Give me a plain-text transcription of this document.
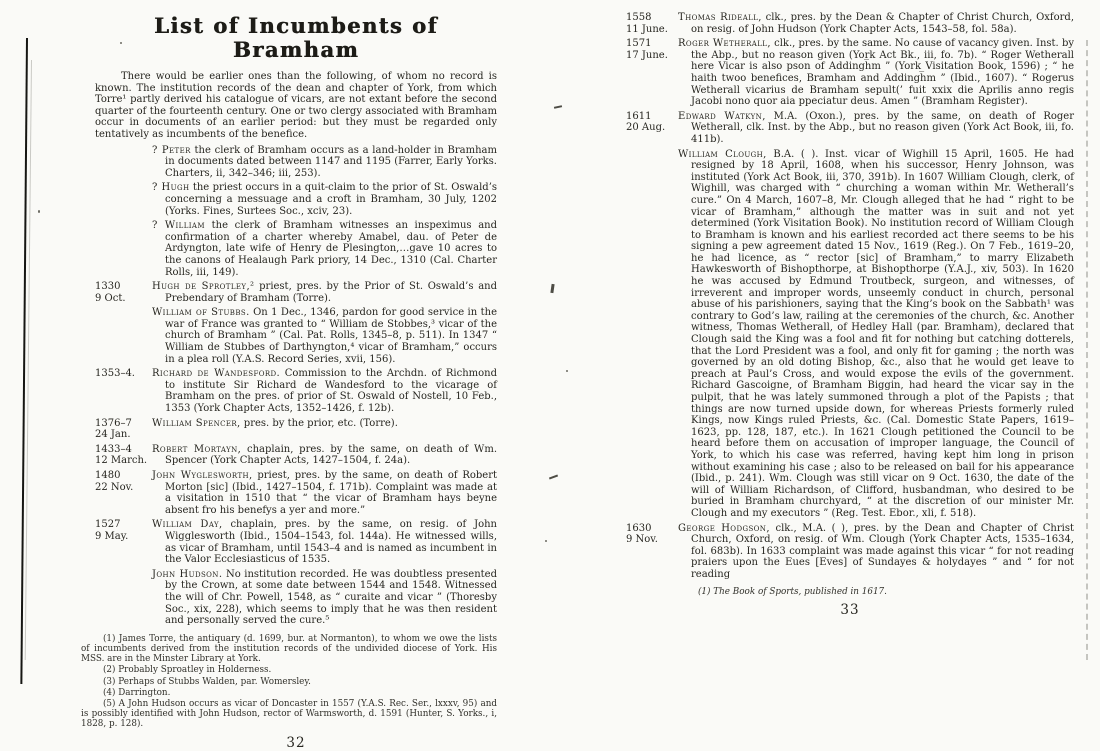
List of Incumbents of Bramham

There would be earlier ones than the following, of whom no record is known. The institution records of the dean and chapter of York, from which Torre¹ partly derived his catalogue of vicars, are not extant before the second quarter of the fourteenth century. One or two clergy associated with Bramham occur in documents of an earlier period: but they must be regarded only tentatively as incumbents of the benefice.

? Peter the clerk of Bramham occurs as a land-holder in Bramham in documents dated between 1147 and 1195 (Farrer, Early Yorks. Charters, ii, 342–346; iii, 253).
? Hugh the priest occurs in a quit-claim to the prior of St. Oswald’s concerning a messuage and a croft in Bramham, 30 July, 1202 (Yorks. Fines, Surtees Soc., xciv, 23).
? William the clerk of Bramham witnesses an inspeximus and confirmation of a charter whereby Amabel, dau. of Peter de Ardyngton, late wife of Henry de Plesington,…gave 10 acres to the canons of Healaugh Park priory, 14 Dec., 1310 (Cal. Charter Rolls, iii, 149).
1330
9 Oct.
Hugh de Sprotley,² priest, pres. by the Prior of St. Oswald’s and Prebendary of Bramham (Torre).
William of Stubbs. On 1 Dec., 1346, pardon for good service in the war of France was granted to “ William de Stobbes,³ vicar of the church of Bramham ” (Cal. Pat. Rolls, 1345–8, p. 511). In 1347 “ William de Stubbes of Darthyngton,⁴ vicar of Bramham,” occurs in a plea roll (Y.A.S. Record Series, xvii, 156).
1353–4.	Richard de Wandesford. Commission to the Archdn. of Richmond to institute Sir Richard de Wandesford to the vicarage of Bramham on the pres. of prior of St. Oswald of Nostell, 10 Feb., 1353 (York Chapter Acts, 1352–1426, f. 12b).
1376–7
24 Jan.
William Spencer, pres. by the prior, etc. (Torre).
1433–4
12 March.
Robert Mortayn, chaplain, pres. by the same, on death of Wm. Spencer (York Chapter Acts, 1427–1504, f. 24a).
1480
22 Nov.
John Wyglesworth, priest, pres. by the same, on death of Robert Morton [sic] (Ibid., 1427–1504, f. 171b). Complaint was made at a visitation in 1510 that “ the vicar of Bramham hays beyne absent fro his benefys a yer and more.”
1527
9 May.
William Day, chaplain, pres. by the same, on resig. of John Wigglesworth (Ibid., 1504–1543, fol. 144a). He witnessed wills, as vicar of Bramham, until 1543–4 and is named as incumbent in the Valor Ecclesiasticus of 1535.
John Hudson. No institution recorded. He was doubtless presented by the Crown, at some date between 1544 and 1548. Witnessed the will of Chr. Powell, 1548, as “ curaite and vicar ” (Thoresby Soc., xix, 228), which seems to imply that he was then resident and personally served the cure.⁵

(1) James Torre, the antiquary (d. 1699, bur. at Normanton), to whom we owe the lists of incumbents derived from the institution records of the undivided diocese of York. His MSS. are in the Minster Library at York.

(2) Probably Sproatley in Holderness.

(3) Perhaps of Stubbs Walden, par. Womersley.

(4) Darrington.

(5) A John Hudson occurs as vicar of Doncaster in 1557 (Y.A.S. Rec. Ser., lxxxv, 95) and is possibly identified with John Hudson, rector of Warmsworth, d. 1591 (Hunter, S. Yorks., i, 1828, p. 128).

32
1558
11 June.
Thomas Rideall, clk., pres. by the Dean & Chapter of Christ Church, Oxford, on resig. of John Hudson (York Chapter Acts, 1543–58, fol. 58a).
1571
17 June.
Roger Wetherall, clk., pres. by the same. No cause of vacancy given. Inst. by the Abp., but no reason given (York Act Bk., iii, fo. 7b). “ Roger Wetherall here Vicar is also pson of Addingh̅m ” (York Visitation Book, 1596) ; “ he haith twoo benefices, Bramham and Addingh̅m ” (Ibid., 1607). “ Rogerus Wetherall vicarius de Bramham sepult(’ fuit xxix die Aprilis anno regis Jacobi nono quor aia ppeciatur deus. Amen ” (Bramham Register).
1611
20 Aug.
Edward Watkyn, M.A. (Oxon.), pres. by the same, on death of Roger Wetherall, clk. Inst. by the Abp., but no reason given (York Act Book, iii, fo. 411b).
William Clough, B.A. ( ). Inst. vicar of Wighill 15 April, 1605. He had resigned by 18 April, 1608, when his successor, Henry Johnson, was instituted (York Act Book, iii, 370, 391b). In 1607 William Clough, clerk, of Wighill, was charged with “ churching a woman within Mr. Wetherall’s cure.” On 4 March, 1607–8, Mr. Clough alleged that he had “ right to be vicar of Bramham,” although the matter was in suit and not yet determined (York Visitation Book). No institution record of William Clough to Bramham is known and his earliest recorded act there seems to be his signing a pew agreement dated 15 Nov., 1619 (Reg.). On 7 Feb., 1619–20, he had licence, as “ rector [sic] of Bramham,” to marry Elizabeth Hawkesworth of Bishopthorpe, at Bishopthorpe (Y.A.J., xiv, 503). In 1620 he was accused by Edmund Troutbeck, surgeon, and witnesses, of irreverent and improper words, unseemly conduct in church, personal abuse of his parishioners, saying that the King’s book on the Sabbath¹ was contrary to God’s law, railing at the ceremonies of the church, &c. Another witness, Thomas Wetherall, of Hedley Hall (par. Bramham), declared that Clough said the King was a fool and fit for nothing but catching dotterels, that the Lord President was a fool, and only fit for gaming ; the north was governed by an old doting Bishop, &c., also that he would get leave to preach at Paul’s Cross, and would expose the evils of the government. Richard Gascoigne, of Bramham Biggin, had heard the vicar say in the pulpit, that he was lately summoned through a plot of the Papists ; that things are now turned upside down, for whereas Priests formerly ruled Kings, now Kings ruled Priests, &c. (Cal. Domestic State Papers, 1619–1623, pp. 128, 187, etc.). In 1621 Clough petitioned the Council to be heard before them on accusation of improper language, the Council of York, to which his case was referred, having kept him long in prison without examining his case ; also to be released on bail for his appearance (Ibid., p. 241). Wm. Clough was still vicar on 9 Oct. 1630, the date of the will of William Richardson, of Clifford, husbandman, who desired to be buried in Bramham churchyard, “ at the discretion of our minister Mr. Clough and my executors ” (Reg. Test. Ebor., xli, f. 518).
1630
9 Nov.
George Hodgson, clk., M.A. ( ), pres. by the Dean and Chapter of Christ Church, Oxford, on resig. of Wm. Clough (York Chapter Acts, 1535–1634, fol. 683b). In 1633 complaint was made against this vicar “ for not reading praiers upon the Eues [Eves] of Sundayes & holydayes ” and “ for not reading
(1) The Book of Sports, published in 1617.
33
